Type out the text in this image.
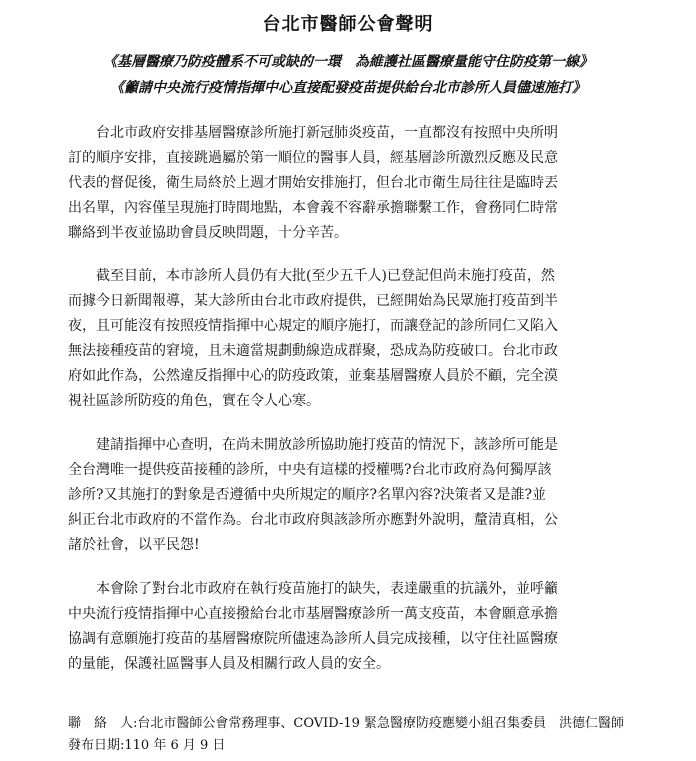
台北市醫師公會聲明
《基層醫療乃防疫體系不可或缺的一環　為維護社區醫療量能守住防疫第一線》
《籲請中央流行疫情指揮中心直接配發疫苗提供給台北市診所人員儘速施打》
　　台北市政府安排基層醫療診所施打新冠肺炎疫苗，一直都沒有按照中央所明
訂的順序安排，直接跳過屬於第一順位的醫事人員，經基層診所激烈反應及民意
代表的督促後，衛生局終於上週才開始安排施打，但台北市衛生局往往是臨時丟
出名單，內容僅呈現施打時間地點，本會義不容辭承擔聯繫工作，會務同仁時常
聯絡到半夜並協助會員反映問題，十分辛苦。
　　截至目前，本市診所人員仍有大批(至少五千人)已登記但尚未施打疫苗，然
而據今日新聞報導，某大診所由台北市政府提供，已經開始為民眾施打疫苗到半
夜，且可能沒有按照疫情指揮中心規定的順序施打，而讓登記的診所同仁又陷入
無法接種疫苗的窘境，且未適當規劃動線造成群聚，恐成為防疫破口。台北市政
府如此作為，公然違反指揮中心的防疫政策，並棄基層醫療人員於不顧，完全漠
視社區診所防疫的角色，實在令人心寒。
　　建請指揮中心查明，在尚未開放診所協助施打疫苗的情況下，該診所可能是
全台灣唯一提供疫苗接種的診所，中央有這樣的授權嗎?台北市政府為何獨厚該
診所?又其施打的對象是否遵循中央所規定的順序?名單內容?決策者又是誰?並
糾正台北市政府的不當作為。台北市政府與該診所亦應對外說明，釐清真相，公
諸於社會，以平民怨!
　　本會除了對台北市政府在執行疫苗施打的缺失，表達嚴重的抗議外，並呼籲
中央流行疫情指揮中心直接撥給台北市基層醫療診所一萬支疫苗，本會願意承擔
協調有意願施打疫苗的基層醫療院所儘速為診所人員完成接種，以守住社區醫療
的量能，保護社區醫事人員及相關行政人員的安全。
聯　絡　人:台北市醫師公會常務理事、COVID-19 緊急醫療防疫應變小組召集委員　洪德仁醫師
發布日期:110 年 6 月 9 日
